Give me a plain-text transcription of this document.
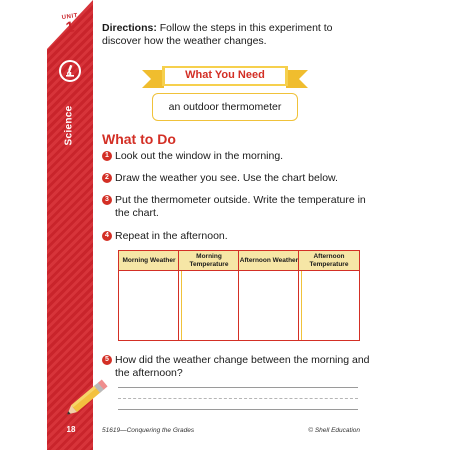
UNIT
1
Science
18
Directions: Follow the steps in this experiment to discover how the weather changes.
What You Need
an outdoor thermometer
What to Do
1 Look out the window in the morning.
2 Draw the weather you see. Use the chart below.
3 Put the thermometer outside. Write the temperature in the chart.
4 Repeat in the afternoon.
Morning Weather
Morning Temperature
Afternoon Weather
Afternoon Temperature
5 How did the weather change between the morning and the afternoon?
51619—Conquering the Grades	© Shell Education
